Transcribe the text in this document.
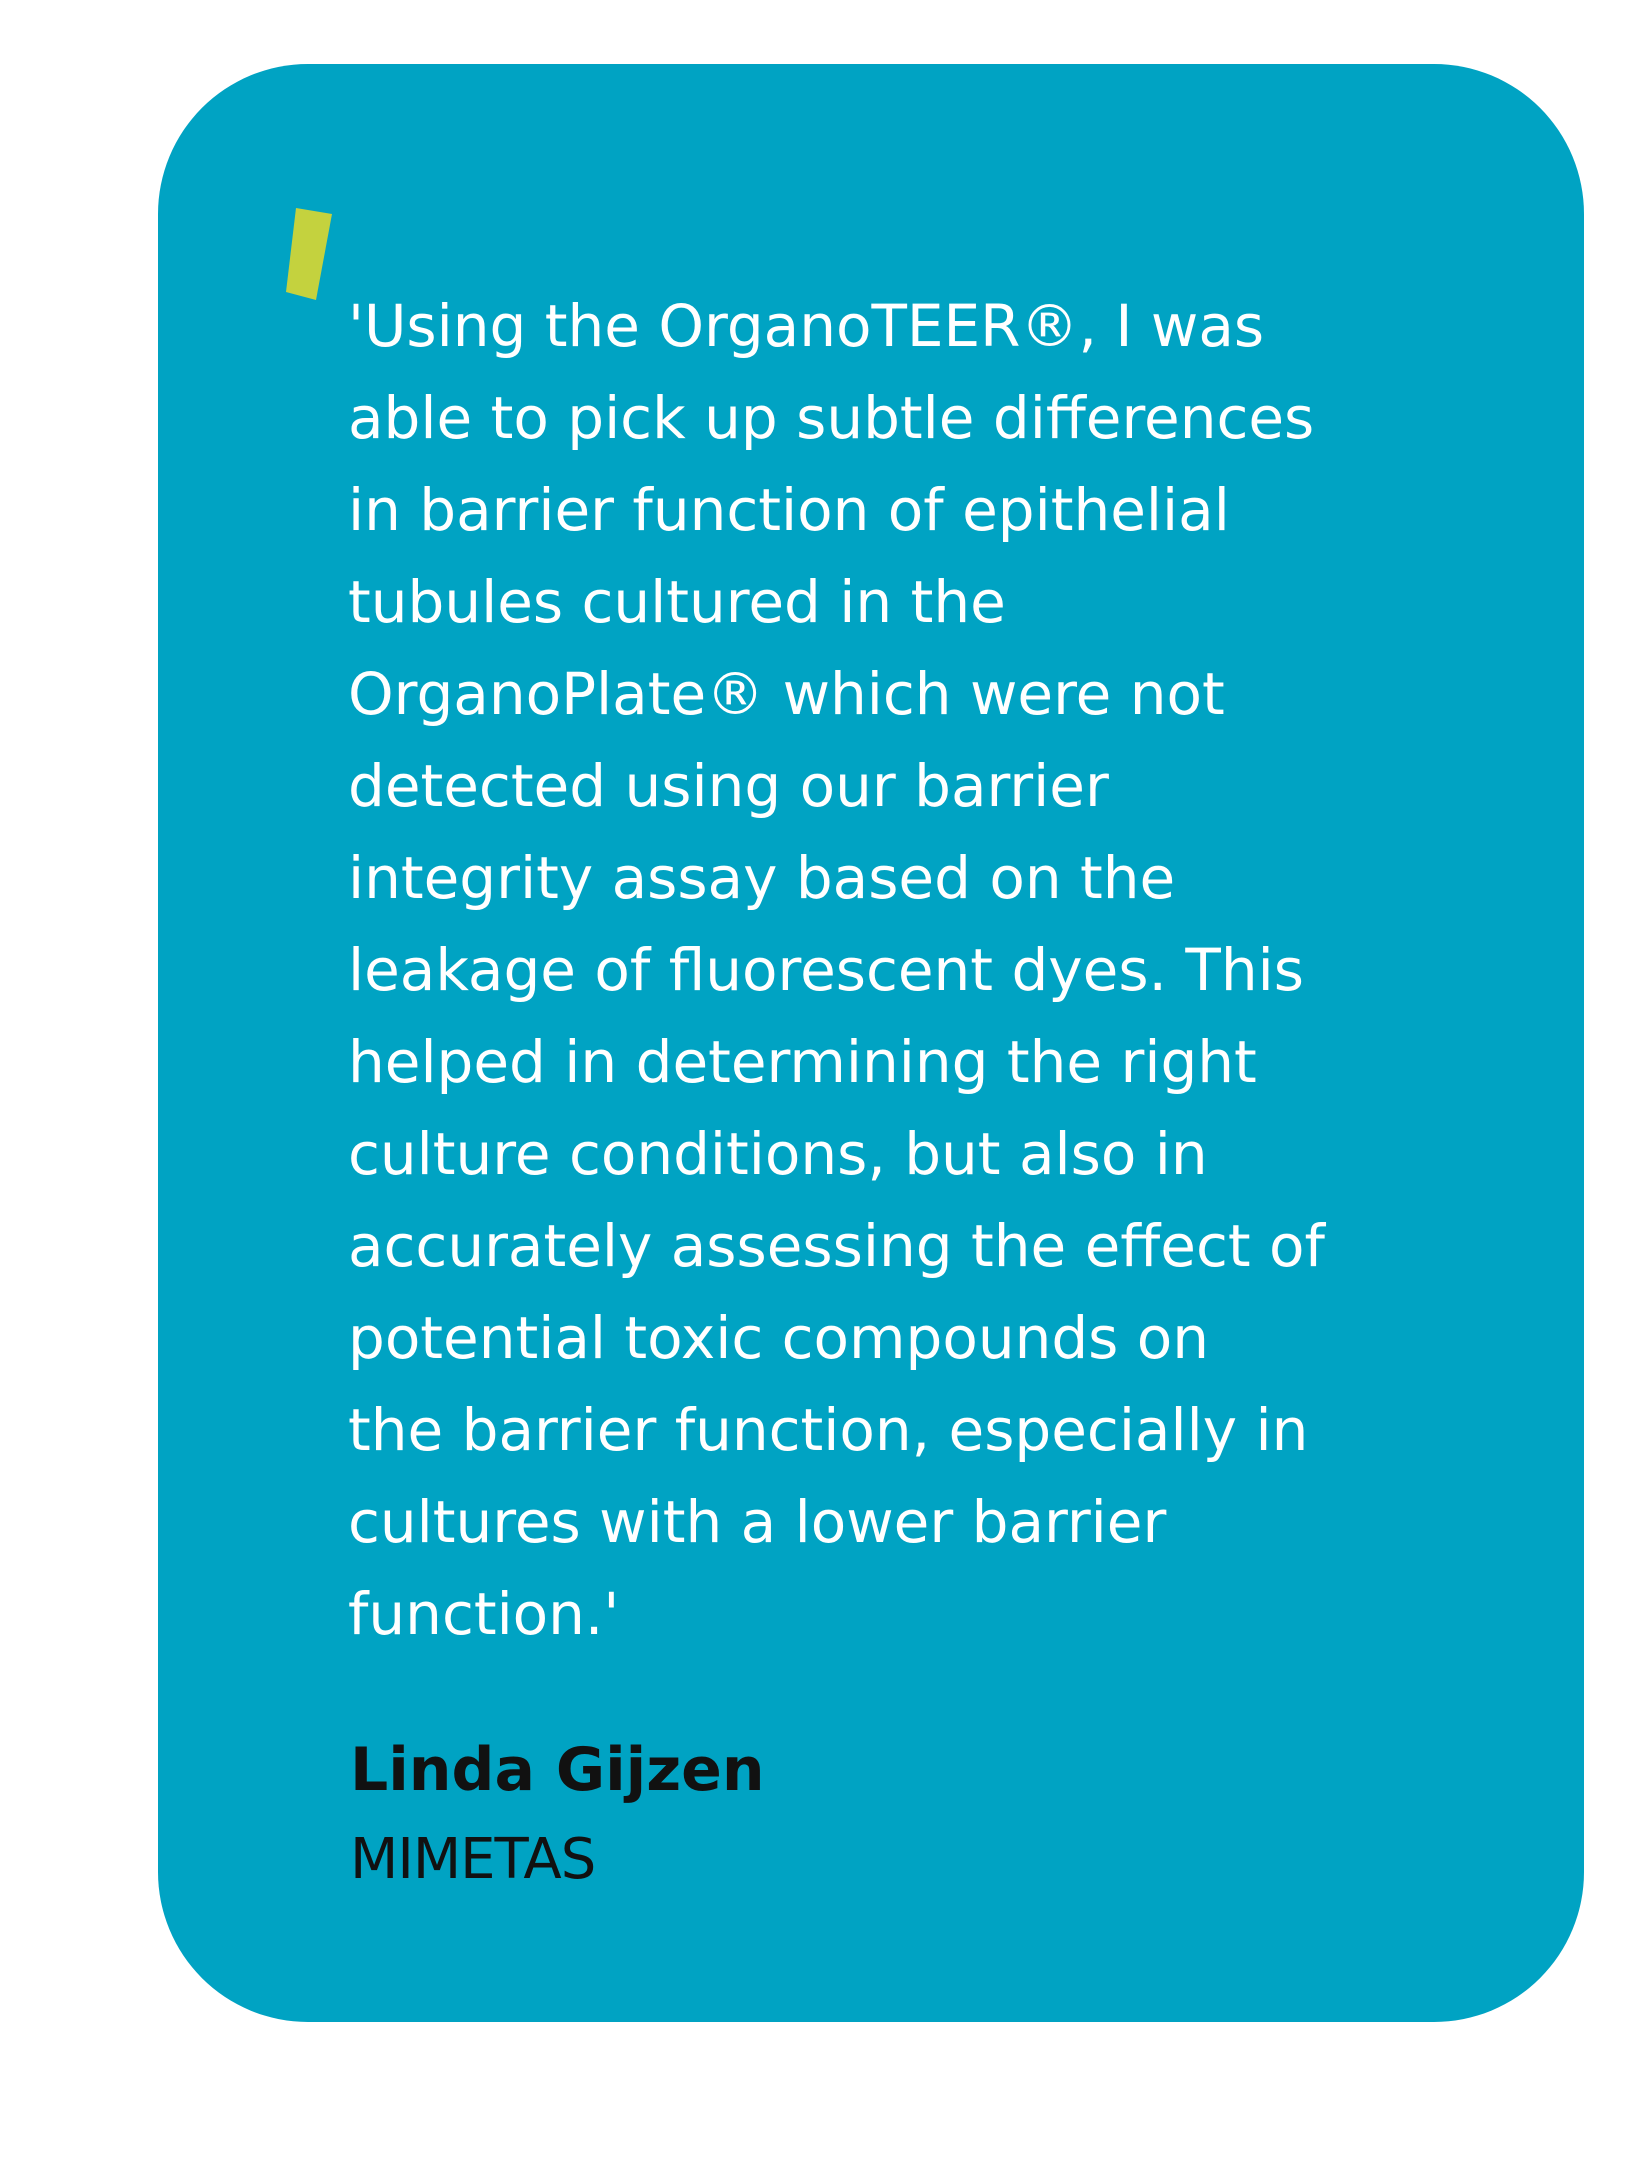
'Using the OrganoTEER®, I was
able to pick up subtle differences
in barrier function of epithelial
tubules cultured in the
OrganoPlate® which were not
detected using our barrier
integrity assay based on the
leakage of fluorescent dyes. This
helped in determining the right
culture conditions, but also in
accurately assessing the effect of
potential toxic compounds on
the barrier function, especially in
cultures with a lower barrier
function.'

Linda Gijzen

MIMETAS
